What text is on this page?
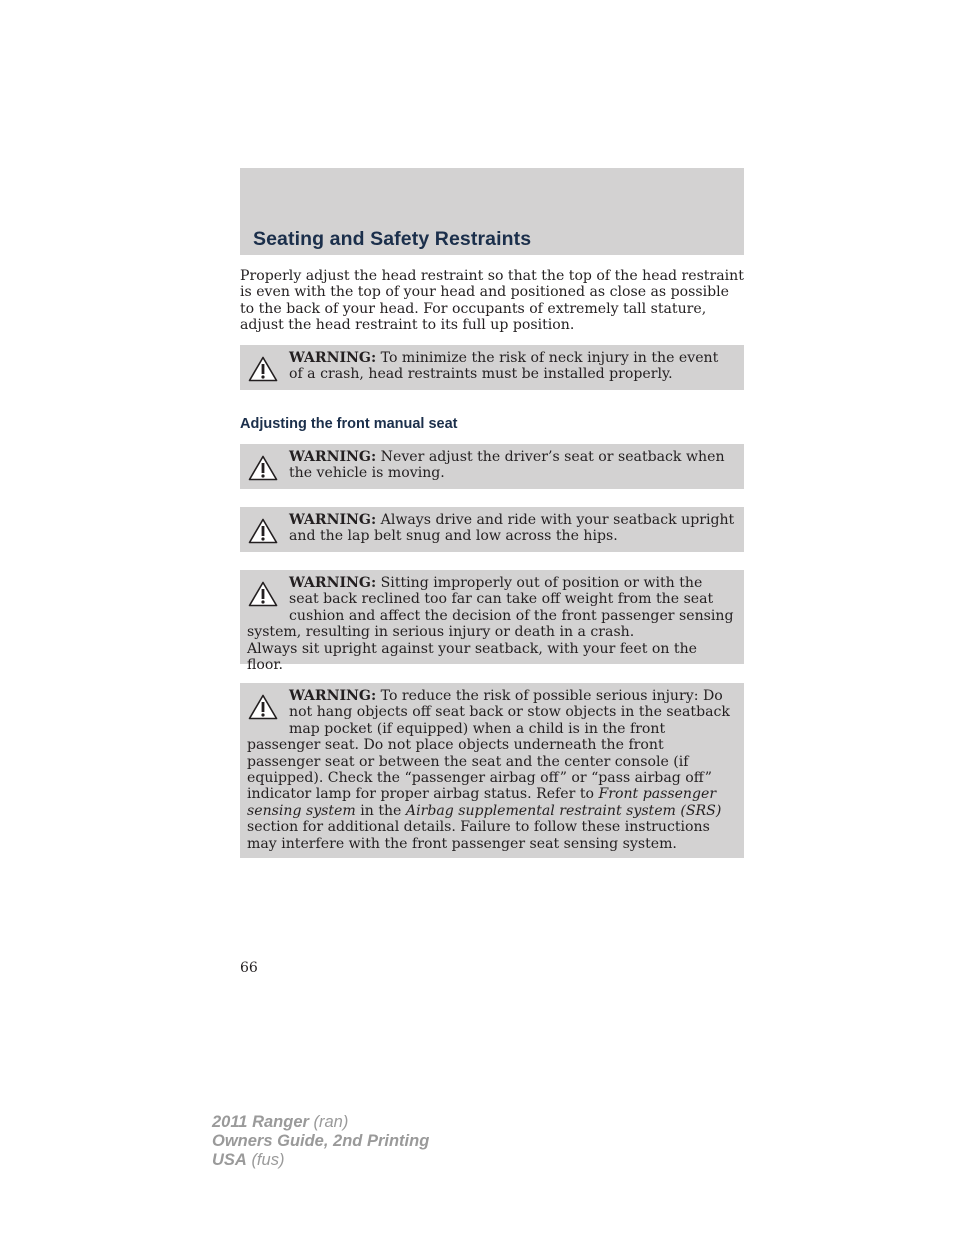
Seating and Safety Restraints

Properly adjust the head restraint so that the top of the head restraint is even with the top of your head and positioned as close as possible to the back of your head. For occupants of extremely tall stature, adjust the head restraint to its full up position.

WARNING: To minimize the risk of neck injury in the event of a crash, head restraints must be installed properly.

Adjusting the front manual seat

WARNING: Never adjust the driver’s seat or seatback when the vehicle is moving.

WARNING: Always drive and ride with your seatback upright and the lap belt snug and low across the hips.

WARNING: Sitting improperly out of position or with the seat back reclined too far can take off weight from the seat cushion and affect the decision of the front passenger sensing system, resulting in serious injury or death in a crash.

Always sit upright against your seatback, with your feet on the floor.

WARNING: To reduce the risk of possible serious injury: Do not hang objects off seat back or stow objects in the seatback map pocket (if equipped) when a child is in the front passenger seat. Do not place objects underneath the front passenger seat or between the seat and the center console (if equipped). Check the “passenger airbag off” or “pass airbag off” indicator lamp for proper airbag status. Refer to Front passenger sensing system in the Airbag supplemental restraint system (SRS) section for additional details. Failure to follow these instructions may interfere with the front passenger seat sensing system.

66
2011 Ranger (ran)
Owners Guide, 2nd Printing
USA (fus)
